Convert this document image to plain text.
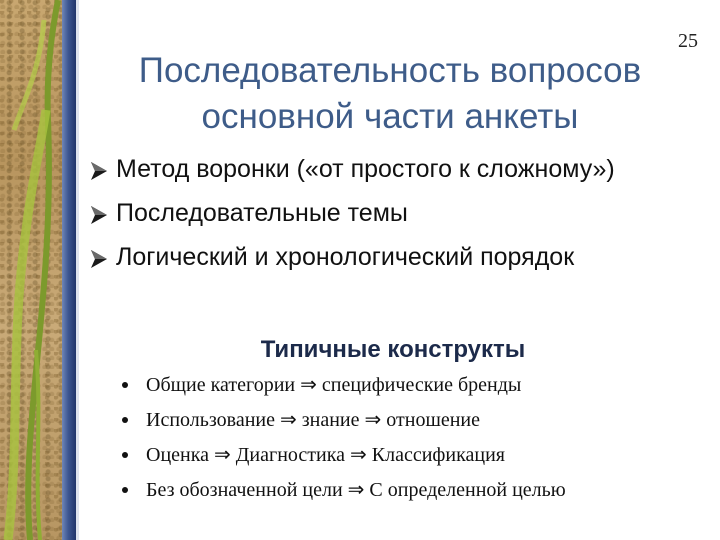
25
Последовательность вопросов
основной части анкеты
Метод воронки («от простого к сложному»)
Последовательные темы
Логический и хронологический порядок
Типичные конструкты
Общие категории ⇒ специфические бренды
Использование ⇒ знание ⇒ отношение
Оценка ⇒ Диагностика ⇒ Классификация
Без обозначенной цели ⇒ С определенной целью
